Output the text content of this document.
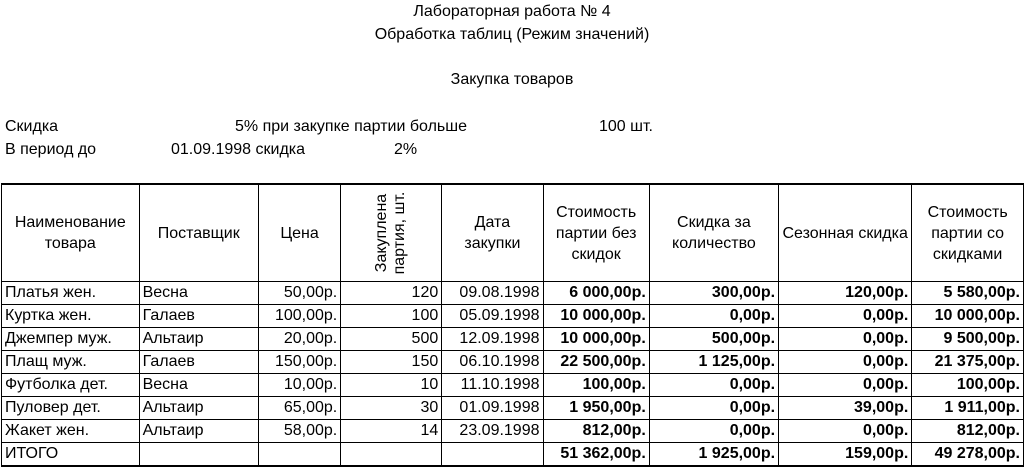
Лабораторная работа № 4
Обработка таблиц (Режим значений)
Закупка товаров
Скидка	5% при закупке партии больше	100 шт.
В период до	01.09.1998 скидка	2%
Наименование товара	Поставщик	Цена	Закуплена партия, шт.	Дата закупки	Стоимость партии без скидок	Скидка за количество	Сезонная скидка	Стоимость партии со скидками
Платья жен.	Весна	50,00р.	120	09.08.1998	6 000,00р.	300,00р.	120,00р.	5 580,00р.
Куртка жен.	Галаев	100,00р.	100	05.09.1998	10 000,00р.	0,00р.	0,00р.	10 000,00р.
Джемпер муж.	Альтаир	20,00р.	500	12.09.1998	10 000,00р.	500,00р.	0,00р.	9 500,00р.
Плащ муж.	Галаев	150,00р.	150	06.10.1998	22 500,00р.	1 125,00р.	0,00р.	21 375,00р.
Футболка дет.	Весна	10,00р.	10	11.10.1998	100,00р.	0,00р.	0,00р.	100,00р.
Пуловер дет.	Альтаир	65,00р.	30	01.09.1998	1 950,00р.	0,00р.	39,00р.	1 911,00р.
Жакет жен.	Альтаир	58,00р.	14	23.09.1998	812,00р.	0,00р.	0,00р.	812,00р.
ИТОГО					51 362,00р.	1 925,00р.	159,00р.	49 278,00р.
